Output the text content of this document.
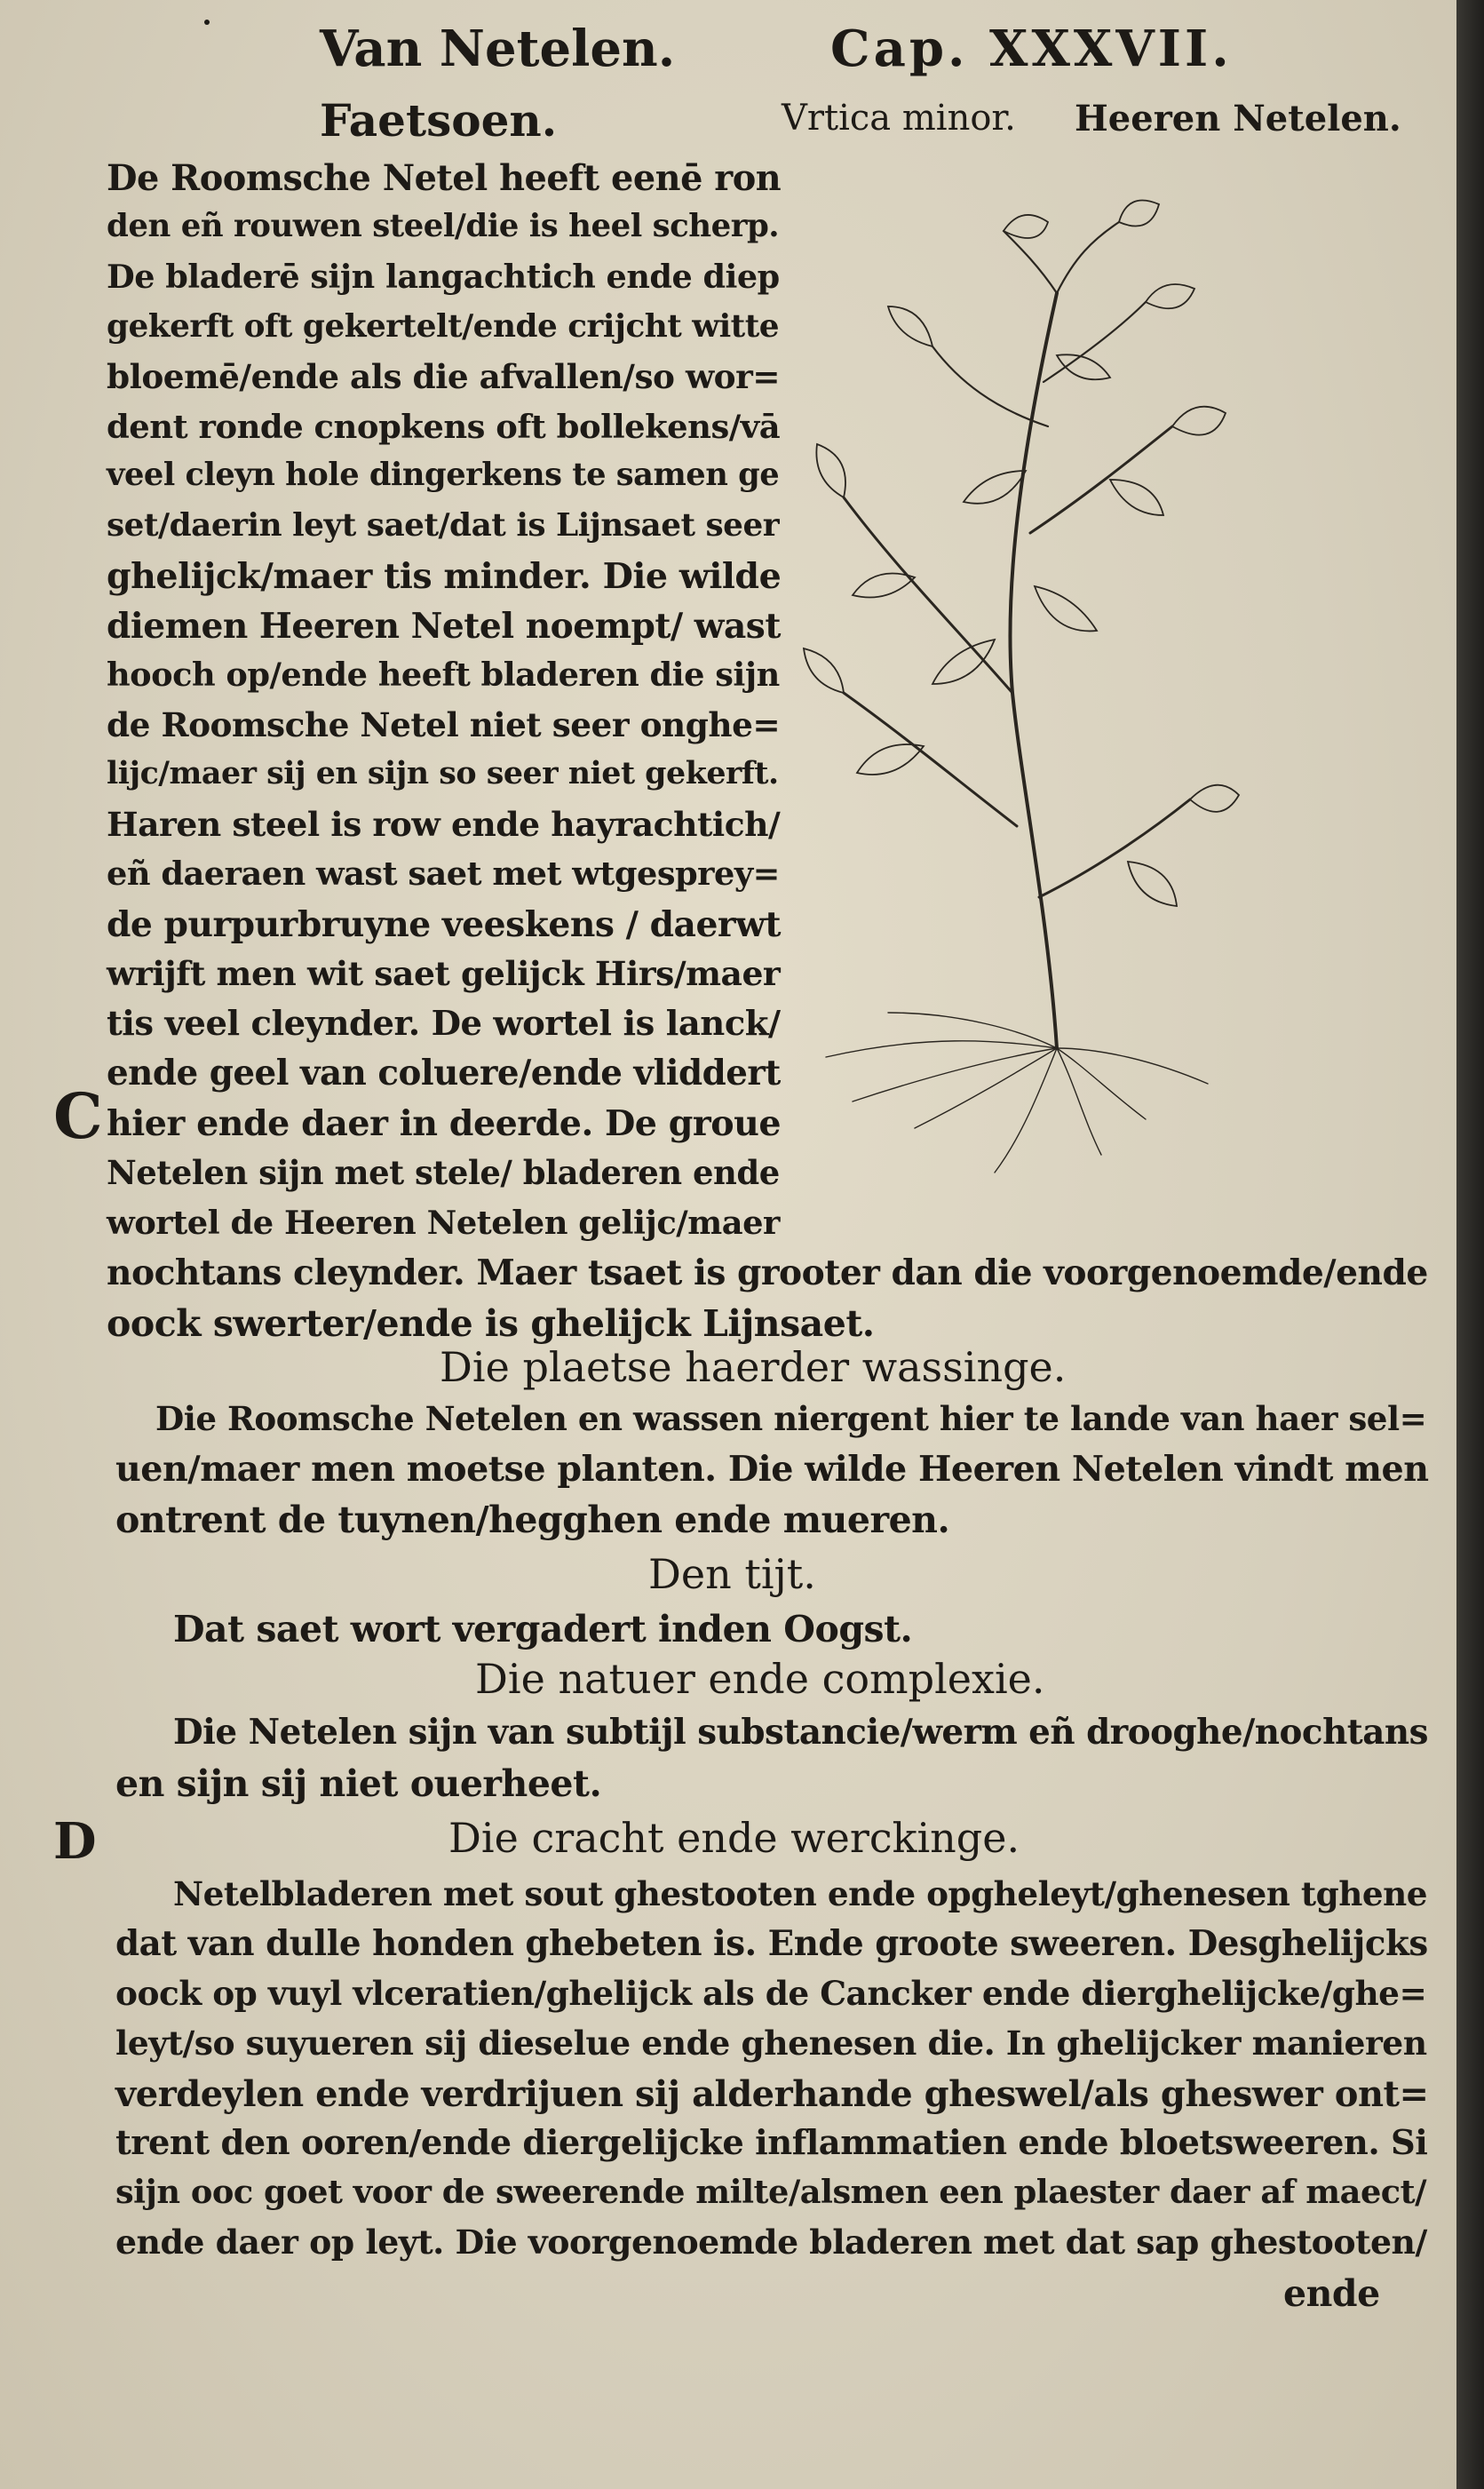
Van Netelen.	Cap. XXXVII.
Faetsoen.	Vrtica minor. Heeren Netelen.
De Roomsche Netel heeft eenē ron
den eñ rouwen steel/die is heel scherp.
De bladerē sijn langachtich ende diep
gekerft oft gekertelt/ende crijcht witte
bloemē/ende als die afvallen/so wor=
dent ronde cnopkens oft bollekens/vā
veel cleyn hole dingerkens te samen ge
set/daerin leyt saet/dat is Lijnsaet seer
ghelijck/maer tis minder. Die wilde
diemen Heeren Netel noempt/ wast
hooch op/ende heeft bladeren die sijn
de Roomsche Netel niet seer onghe=
lijc/maer sij en sijn so seer niet gekerft.
Haren steel is row ende hayrachtich/
eñ daeraen wast saet met wtgesprey=
de purpurbruyne veeskens / daerwt
wrijft men wit saet gelijck Hirs/maer
tis veel cleynder. De wortel is lanck/
ende geel van coluere/ende vliddert
hier ende daer in deerde. De groue
Netelen sijn met stele/ bladeren ende
wortel de Heeren Netelen gelijc/maer
C
nochtans cleynder. Maer tsaet is grooter dan die voorgenoemde/ende
oock swerter/ende is ghelijck Lijnsaet.
Die plaetse haerder wassinge.
Die Roomsche Netelen en wassen niergent hier te lande van haer sel=
uen/maer men moetse planten. Die wilde Heeren Netelen vindt men
ontrent de tuynen/hegghen ende mueren.
Den tijt.
Dat saet wort vergadert inden Oogst.
Die natuer ende complexie.
Die Netelen sijn van subtijl substancie/werm eñ drooghe/nochtans
en sijn sij niet ouerheet.
D	Die cracht ende werckinge.
Netelbladeren met sout ghestooten ende opgheleyt/ghenesen tghene
dat van dulle honden ghebeten is. Ende groote sweeren. Desghelijcks
oock op vuyl vlceratien/ghelijck als de Cancker ende diergheliјcke/ghe=
leyt/so suyueren sij dieselue ende ghenesen die. In ghelijcker manieren
verdeylen ende verdrijuen sij alderhande gheswel/als gheswer ont=
trent den ooren/ende diergelijcke inflammatien ende bloetsweeren. Si
sijn ooc goet voor de sweerende milte/alsmen een plaester daer af maect/
ende daer op leyt. Die voorgenoemde bladeren met dat sap ghestooten/
ende
